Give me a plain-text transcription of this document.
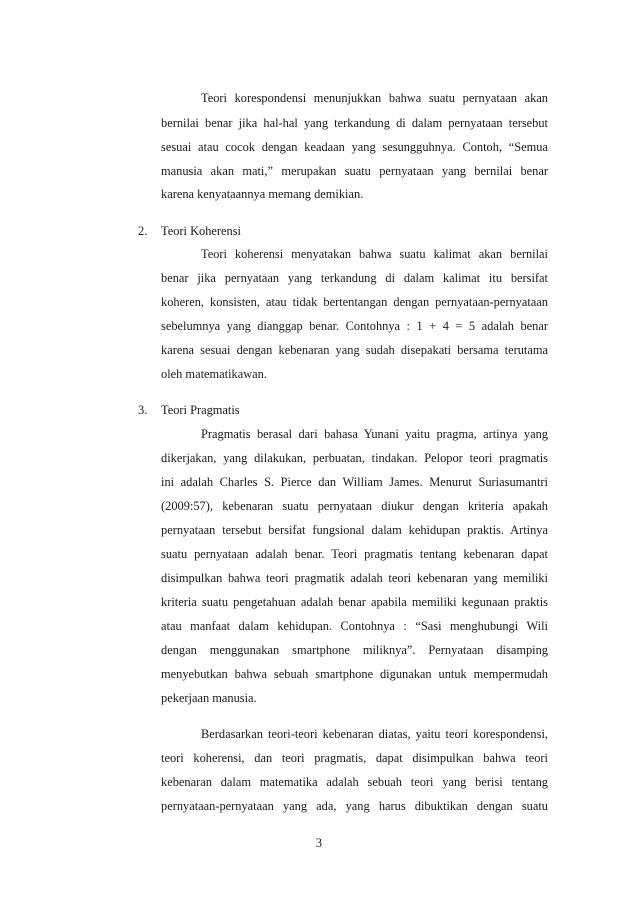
Teori korespondensi menunjukkan bahwa suatu pernyataan akan
bernilai benar jika hal-hal yang terkandung di dalam pernyataan tersebut
sesuai atau cocok dengan keadaan yang sesungguhnya. Contoh, “Semua
manusia akan mati,” merupakan suatu pernyataan yang bernilai benar
karena kenyataannya memang demikian.
2. Teori Koherensi
Teori koherensi menyatakan bahwa suatu kalimat akan bernilai
benar jika pernyataan yang terkandung di dalam kalimat itu bersifat
koheren, konsisten, atau tidak bertentangan dengan pernyataan-pernyataan
sebelumnya yang dianggap benar. Contohnya : 1 + 4 = 5 adalah benar
karena sesuai dengan kebenaran yang sudah disepakati bersama terutama
oleh matematikawan.
3. Teori Pragmatis
Pragmatis berasal dari bahasa Yunani yaitu pragma, artinya yang
dikerjakan, yang dilakukan, perbuatan, tindakan. Pelopor teori pragmatis
ini adalah Charles S. Pierce dan William James. Menurut Suriasumantri
(2009:57), kebenaran suatu pernyataan diukur dengan kriteria apakah
pernyataan tersebut bersifat fungsional dalam kehidupan praktis. Artinya
suatu pernyataan adalah benar. Teori pragmatis tentang kebenaran dapat
disimpulkan bahwa teori pragmatik adalah teori kebenaran yang memiliki
kriteria suatu pengetahuan adalah benar apabila memiliki kegunaan praktis
atau manfaat dalam kehidupan. Contohnya : “Sasi menghubungi Wili
dengan menggunakan smartphone miliknya”. Pernyataan disamping
menyebutkan bahwa sebuah smartphone digunakan untuk mempermudah
pekerjaan manusia.
Berdasarkan teori-teori kebenaran diatas, yaitu teori korespondensi,
teori koherensi, dan teori pragmatis, dapat disimpulkan bahwa teori
kebenaran dalam matematika adalah sebuah teori yang berisi tentang
pernyataan-pernyataan yang ada, yang harus dibuktikan dengan suatu
3
